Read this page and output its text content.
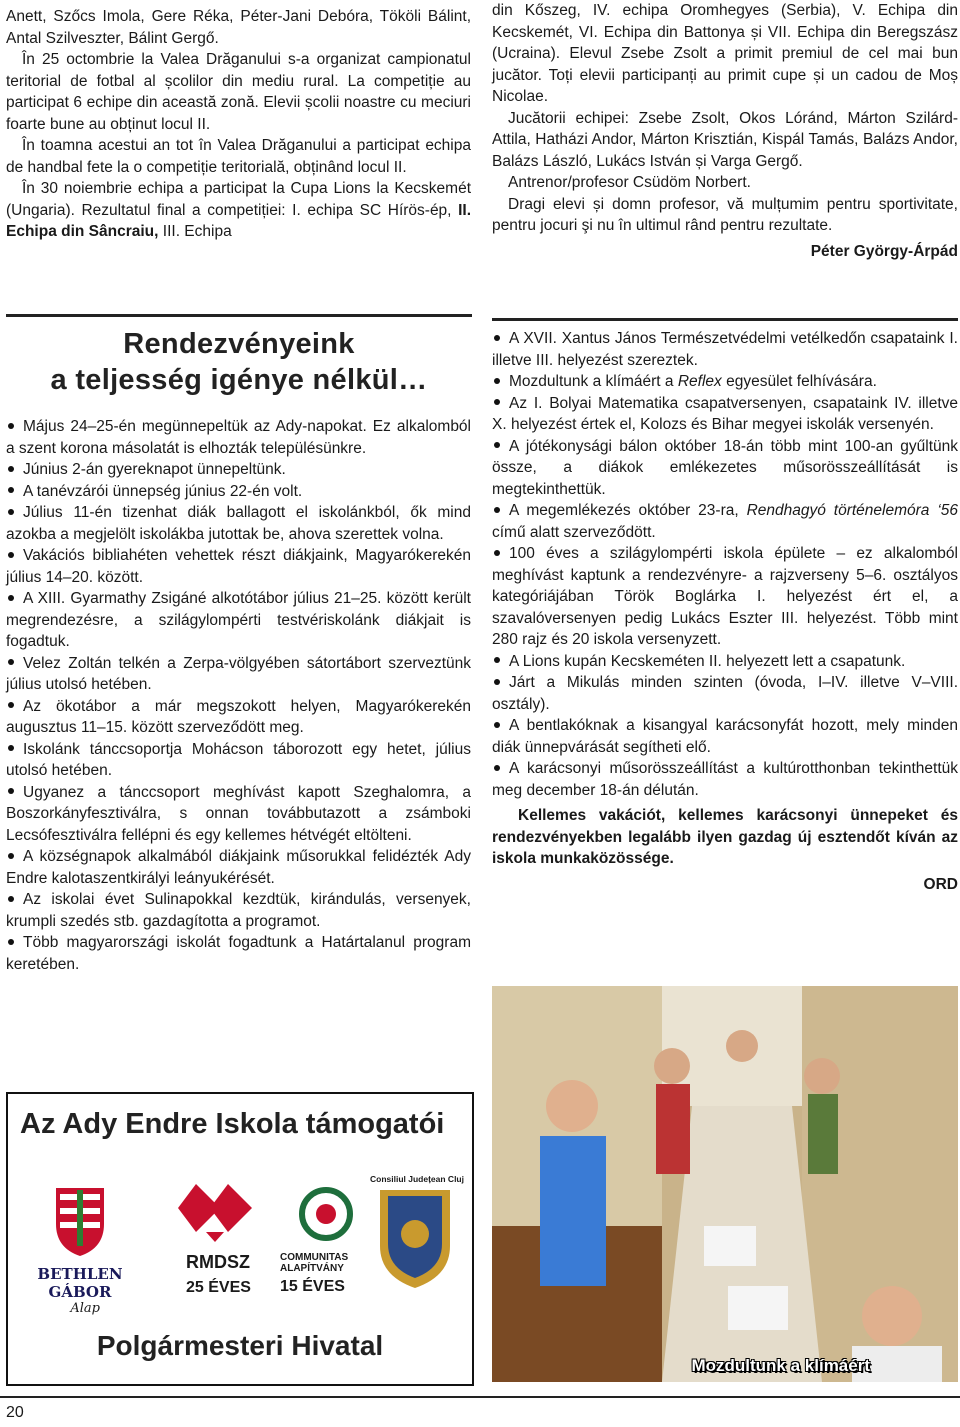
Anett, Szőcs Imola, Gere Réka, Péter-Jani Debóra, Tököli Bálint, Antal Szilveszter, Bálint Gergő.

În 25 octombrie la Valea Drăganului s-a organizat campionatul teritorial de fotbal al școlilor din mediu rural. La competiție au participat 6 echipe din această zonă. Elevii școlii noastre cu meciuri foarte bune au obținut locul II.

În toamna acestui an tot în Valea Drăganului a participat echipa de handbal fete la o competiție teritorială, obținând locul II.

În 30 noiembrie echipa a participat la Cupa Lions la Kecskemét (Ungaria). Rezultatul final a competiției: I. echipa SC Hírös-ép, II. Echipa din Sâncraiu, III. Echipa

din Kőszeg, IV. echipa Oromhegyes (Serbia), V. Echipa din Kecskemét, VI. Echipa din Battonya și VII. Echipa din Beregszász (Ucraina). Elevul Zsebe Zsolt a primit premiul de cel mai bun jucător. Toți elevii participanți au primit cupe și un cadou de Moș Nicolae.

Jucătorii echipei: Zsebe Zsolt, Okos Lóránd, Márton Szilárd-Attila, Hatházi Andor, Márton Krisztián, Kispál Tamás, Balázs Andor, Balázs László, Lukács István și Varga Gergő.

Antrenor/profesor Csüdöm Norbert.

Dragi elevi și domn profesor, vă mulțumim pentru sportivitate, pentru jocuri şi nu în ultimul rând pentru rezultate.

Péter György-Árpád

Rendezvényeink
a teljesség igénye nélkül…
Május 24–25-én megünnepeltük az Ady-napokat. Ez alkalomból a szent korona másolatát is elhozták településünkre.
Június 2-án gyereknapot ünnepeltünk.
A tanévzárói ünnepség június 22-én volt.
Július 11-én tizenhat diák ballagott el iskolánkból, ők mind azokba a megjelölt iskolákba jutottak be, ahova szerettek volna.
Vakációs bibliahéten vehettek részt diákjaink, Magyarókerekén július 14–20. között.
A XIII. Gyarmathy Zsigáné alkotótábor július 21–25. között került megrendezésre, a szilágylompérti testvériskolánk diákjait is fogadtuk.
Velez Zoltán telkén a Zerpa-völgyében sátortábort szerveztünk július utolsó hetében.
Az ökotábor a már megszokott helyen, Magyarókerekén augusztus 11–15. között szerveződött meg.
Iskolánk tánccsoportja Mohácson táborozott egy hetet, július utolsó hetében.
Ugyanez a tánccsoport meghívást kapott Szeghalomra, a Boszorkányfesztiválra, s onnan továbbutazott a zsámboki Lecsófesztiválra fellépni és egy kellemes hétvégét eltölteni.
A községnapok alkalmából diákjaink műsorukkal felidézték Ady Endre kalotaszentkirályi leányukérését.
Az iskolai évet Sulinapokkal kezdtük, kirándulás, versenyek, krumpli szedés stb. gazdagította a programot.
Több magyarországi iskolát fogadtunk a Határtalanul program keretében.
A XVII. Xantus János Természetvédelmi vetélkedőn csapataink I. illetve III. helyezést szereztek.
Mozdultunk a klímáért a Reflex egyesület felhívására.
Az I. Bolyai Matematika csapatversenyen, csapataink IV. illetve X. helyezést értek el, Kolozs és Bihar megyei iskolák versenyén.
A jótékonysági bálon október 18-án több mint 100-an gyűltünk össze, a diákok emlékezetes műsorösszeállítását is megtekinthettük.
A megemlékezés október 23-ra, Rendhagyó történelemóra ‘56 című alatt szerveződött.
100 éves a szilágylompérti iskola épülete – ez alkalomból meghívást kaptunk a rendezvényre- a rajzverseny 5–6. osztályos kategóriájában Török Boglárka I. helyezést ért el, a szavalóversenyen pedig Lukács Eszter III. helyezést. Több mint 280 rajz és 20 iskola versenyzett.
A Lions kupán Kecskeméten II. helyezett lett a csapatunk.
Járt a Mikulás minden szinten (óvoda, I–IV. illetve V–VIII. osztály).
A bentlakóknak a kisangyal karácsonyfát hozott, mely minden diák ünnepvárását segítheti elő.
A karácsonyi műsorösszeállítást a kultúrotthonban tekinthettük meg december 18-án délután.

Kellemes vakációt, kellemes karácsonyi ünnepeket és rendezvényekben legalább ilyen gazdag új esztendőt kíván az iskola munkaközössége.

ORD

Az Ady Endre Iskola támogatói
BETHLEN GÁBOR
Alap
RMDSZ
25 ÉVES
COMMUNITAS ALAPÍTVÁNY
15 ÉVES
Consiliul Județean Cluj
Polgármesteri Hivatal
Mozdultunk a klímáért
20
